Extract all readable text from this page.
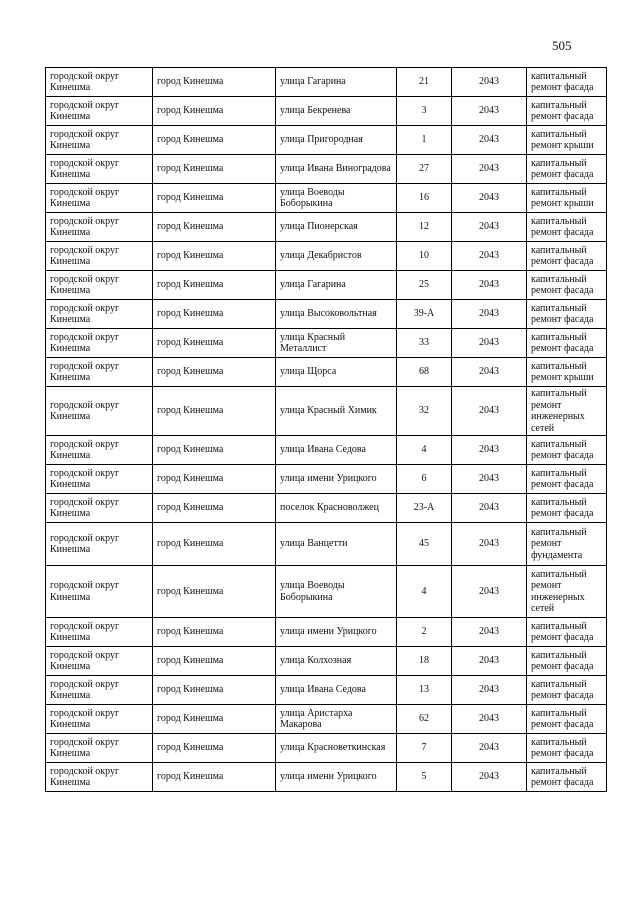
505
городской округ Кинешма	город Кинешма	улица Гагарина	21	2043	капитальный ремонт фасада
городской округ Кинешма	город Кинешма	улица Бекренева	3	2043	капитальный ремонт фасада
городской округ Кинешма	город Кинешма	улица Пригородная	1	2043	капитальный ремонт крыши
городской округ Кинешма	город Кинешма	улица Ивана Виноградова	27	2043	капитальный ремонт фасада
городской округ Кинешма	город Кинешма	улица Воеводы Боборыкина	16	2043	капитальный ремонт крыши
городской округ Кинешма	город Кинешма	улица Пионерская	12	2043	капитальный ремонт фасада
городской округ Кинешма	город Кинешма	улица Декабристов	10	2043	капитальный ремонт фасада
городской округ Кинешма	город Кинешма	улица Гагарина	25	2043	капитальный ремонт фасада
городской округ Кинешма	город Кинешма	улица Высоковольтная	39-А	2043	капитальный ремонт фасада
городской округ Кинешма	город Кинешма	улица Красный Металлист	33	2043	капитальный ремонт фасада
городской округ Кинешма	город Кинешма	улица Щорса	68	2043	капитальный ремонт крыши
городской округ Кинешма	город Кинешма	улица Красный Химик	32	2043	капитальный ремонт инженерных сетей
городской округ Кинешма	город Кинешма	улица Ивана Седова	4	2043	капитальный ремонт фасада
городской округ Кинешма	город Кинешма	улица имени Урицкого	6	2043	капитальный ремонт фасада
городской округ Кинешма	город Кинешма	поселок Красноволжец	23-А	2043	капитальный ремонт фасада
городской округ Кинешма	город Кинешма	улица Ванцетти	45	2043	капитальный ремонт фундамента
городской округ Кинешма	город Кинешма	улица Воеводы Боборыкина	4	2043	капитальный ремонт инженерных сетей
городской округ Кинешма	город Кинешма	улица имени Урицкого	2	2043	капитальный ремонт фасада
городской округ Кинешма	город Кинешма	улица Колхозная	18	2043	капитальный ремонт фасада
городской округ Кинешма	город Кинешма	улица Ивана Седова	13	2043	капитальный ремонт фасада
городской округ Кинешма	город Кинешма	улица Аристарха Макарова	62	2043	капитальный ремонт фасада
городской округ Кинешма	город Кинешма	улица Красноветкинская	7	2043	капитальный ремонт фасада
городской округ Кинешма	город Кинешма	улица имени Урицкого	5	2043	капитальный ремонт фасада
